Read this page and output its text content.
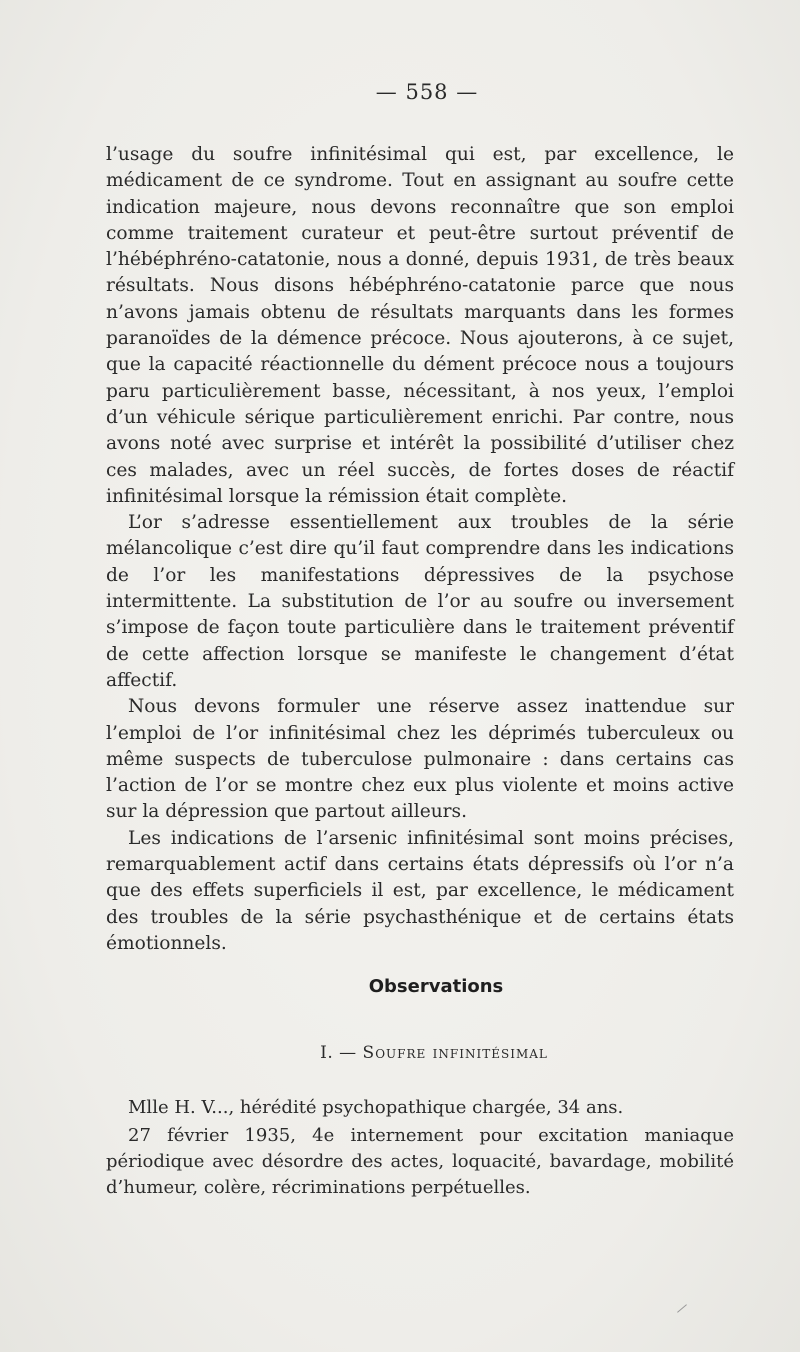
— 558 —

l’usage du soufre infinitésimal qui est, par excellence, le médicament de ce syndrome. Tout en assignant au soufre cette indication majeure, nous devons reconnaître que son emploi comme traitement curateur et peut-être surtout préventif de l’hébéphréno-catatonie, nous a donné, depuis 1931, de très beaux résultats. Nous disons hébéphréno-catatonie parce que nous n’avons jamais obtenu de résultats marquants dans les formes paranoïdes de la démence précoce. Nous ajouterons, à ce sujet, que la capacité réactionnelle du dément précoce nous a toujours paru particulièrement basse, nécessitant, à nos yeux, l’emploi d’un véhicule sérique particulièrement enrichi. Par contre, nous avons noté avec surprise et intérêt la possibilité d’utiliser chez ces malades, avec un réel succès, de fortes doses de réactif infinitésimal lorsque la rémission était complète.

L’or s’adresse essentiellement aux troubles de la série mélancolique c’est dire qu’il faut comprendre dans les indications de l’or les manifestations dépressives de la psychose intermittente. La substitution de l’or au soufre ou inversement s’impose de façon toute particulière dans le traitement préventif de cette affection lorsque se manifeste le changement d’état affectif.

Nous devons formuler une réserve assez inattendue sur l’emploi de l’or infinitésimal chez les déprimés tuberculeux ou même suspects de tuberculose pulmonaire : dans certains cas l’action de l’or se montre chez eux plus violente et moins active sur la dépression que partout ailleurs.

Les indications de l’arsenic infinitésimal sont moins précises, remarquablement actif dans certains états dépressifs où l’or n’a que des effets superficiels il est, par excellence, le médicament des troubles de la série psychasthénique et de certains états émotionnels.

Observations
I. — Soufre infinitésimal

Mlle H. V..., hérédité psychopathique chargée, 34 ans.

27 février 1935, 4e internement pour excitation maniaque périodique avec désordre des actes, loquacité, bavardage, mobilité d’humeur, colère, récriminations perpétuelles.
